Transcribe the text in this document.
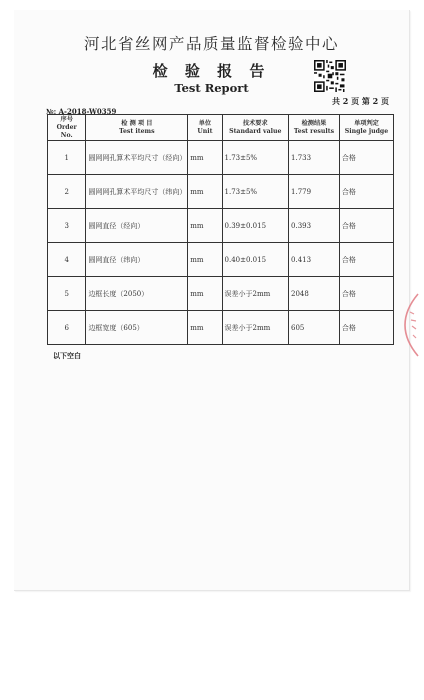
河北省丝网产品质量监督检验中心
检 验 报 告
Test Report
共 2 页 第 2 页
№: A-2018-W0359
序号
Order No.	检 测 项 目
Test items	单位
Unit	技术要求
Standard value	检测结果
Test results	单项判定
Single judge
1	圆网网孔算术平均尺寸（经向）	mm	1.73±5%	1.733	合格
2	圆网网孔算术平均尺寸（纬向）	mm	1.73±5%	1.779	合格
3	圆网直径（经向）	mm	0.39±0.015	0.393	合格
4	圆网直径（纬向）	mm	0.40±0.015	0.413	合格
5	边框长度（2050）	mm	误差小于2mm	2048	合格
6	边框宽度（605）	mm	误差小于2mm	605	合格
以下空白
